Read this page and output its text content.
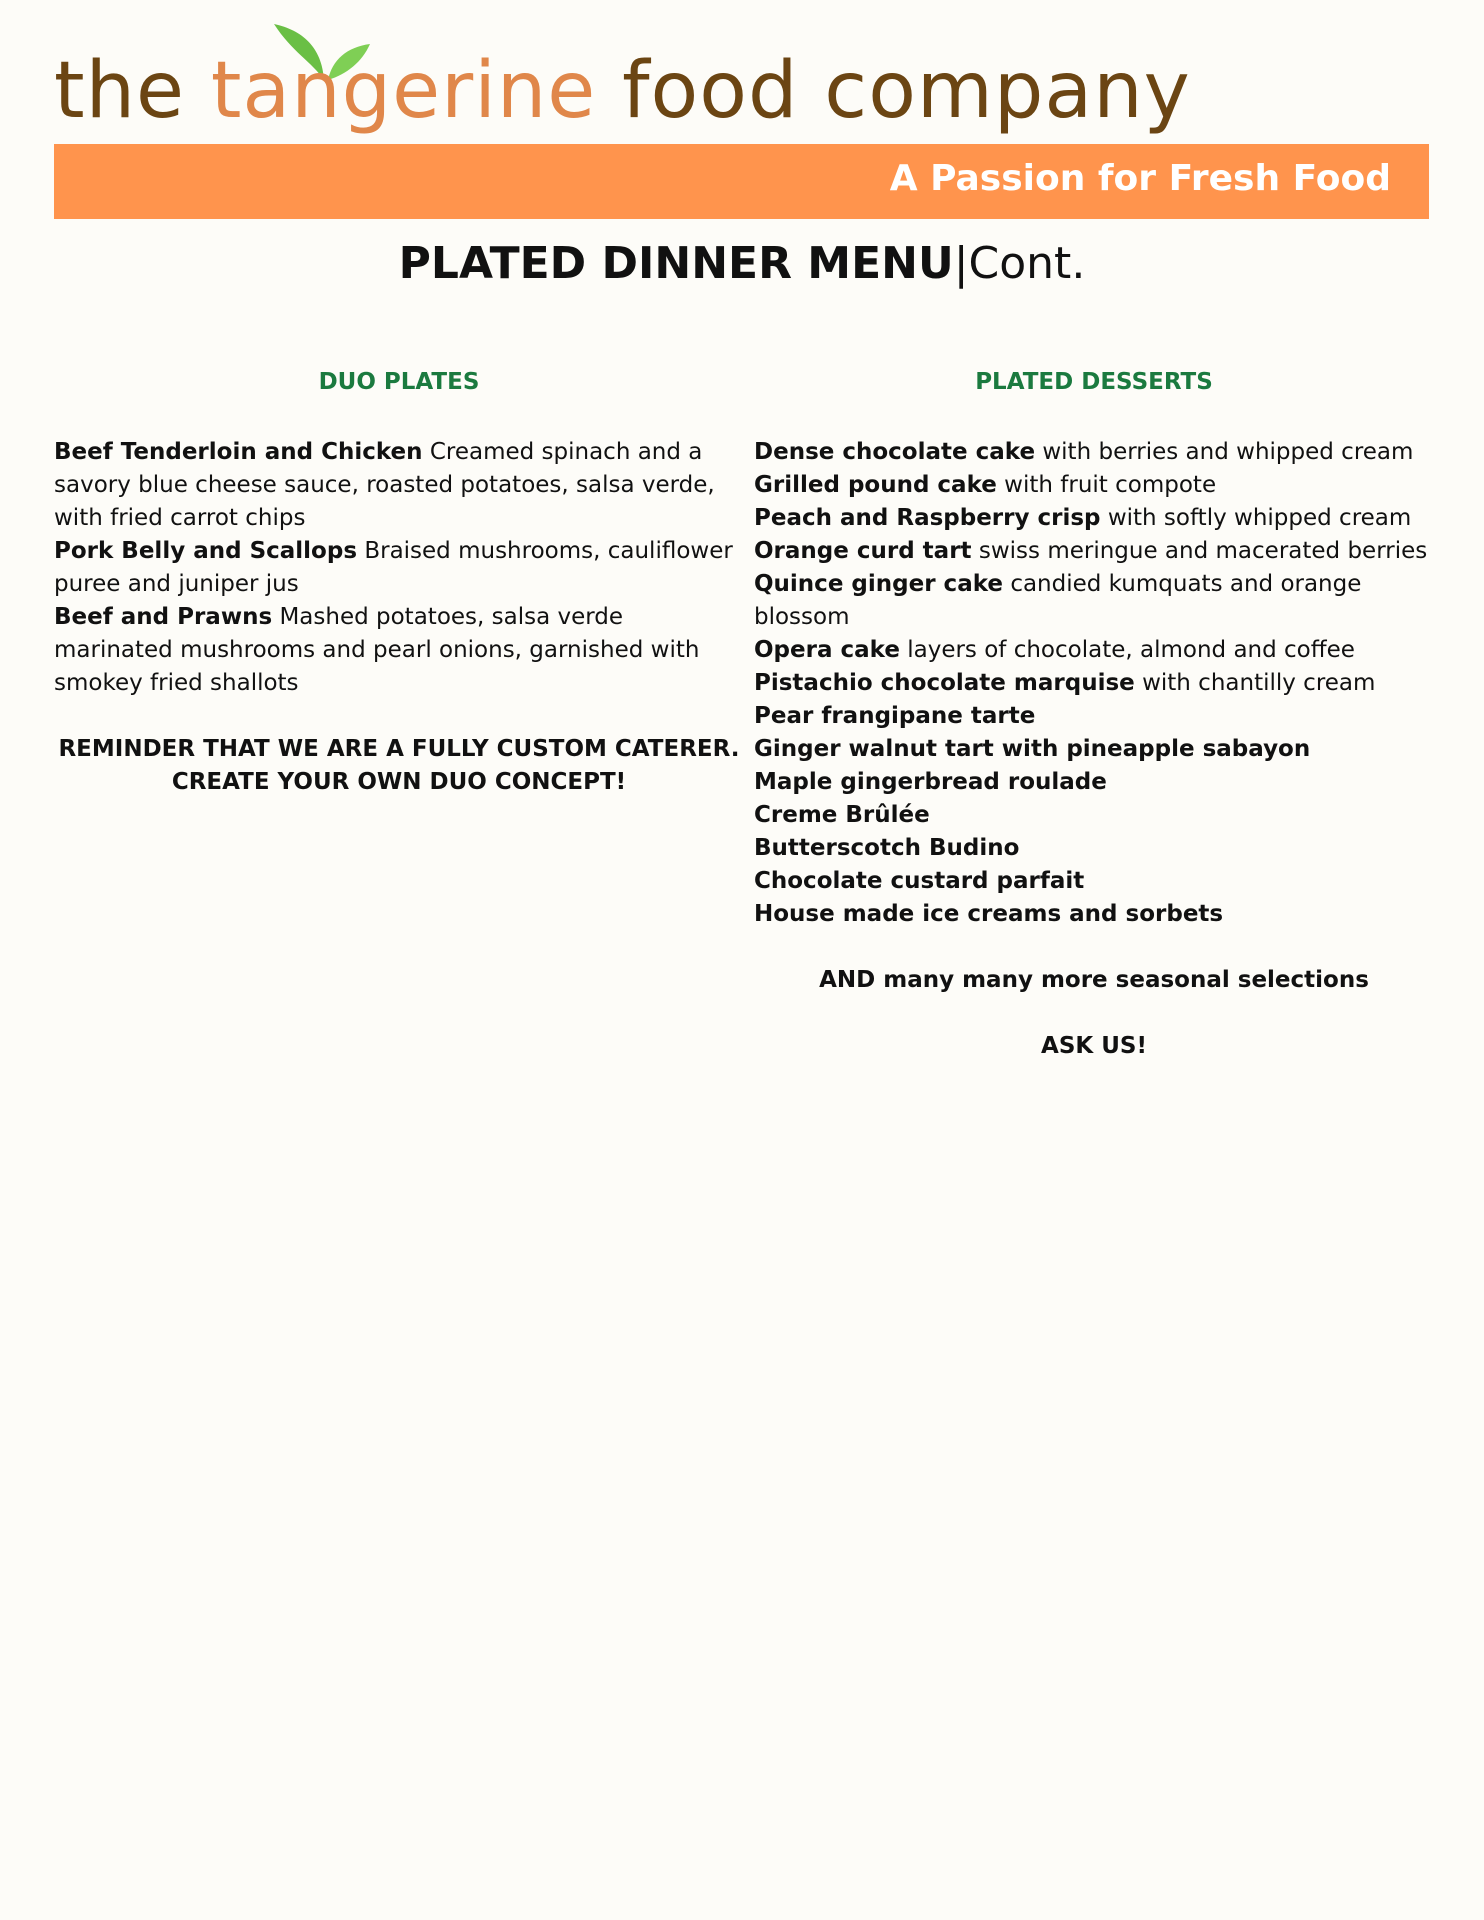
the tangerine food company
A Passion for Fresh Food
PLATED DINNER MENU|Cont.
DUO PLATES

Beef Tenderloin and Chicken Creamed spinach and a savory blue cheese sauce, roasted potatoes, salsa verde, with fried carrot chips

Pork Belly and Scallops Braised mushrooms, cauliflower puree and juniper jus

Beef and Prawns Mashed potatoes, salsa verde marinated mushrooms and pearl onions, garnished with smokey fried shallots

REMINDER THAT WE ARE A FULLY CUSTOM CATERER.

CREATE YOUR OWN DUO CONCEPT!

PLATED DESSERTS

Dense chocolate cake with berries and whipped cream

Grilled pound cake with fruit compote

Peach and Raspberry crisp with softly whipped cream

Orange curd tart swiss meringue and macerated berries

Quince ginger cake candied kumquats and orange blossom

Opera cake layers of chocolate, almond and coffee

Pistachio chocolate marquise with chantilly cream

Pear frangipane tarte

Ginger walnut tart with pineapple sabayon

Maple gingerbread roulade

Creme Brûlée

Butterscotch Budino

Chocolate custard parfait

House made ice creams and sorbets

AND many many more seasonal selections

ASK US!
